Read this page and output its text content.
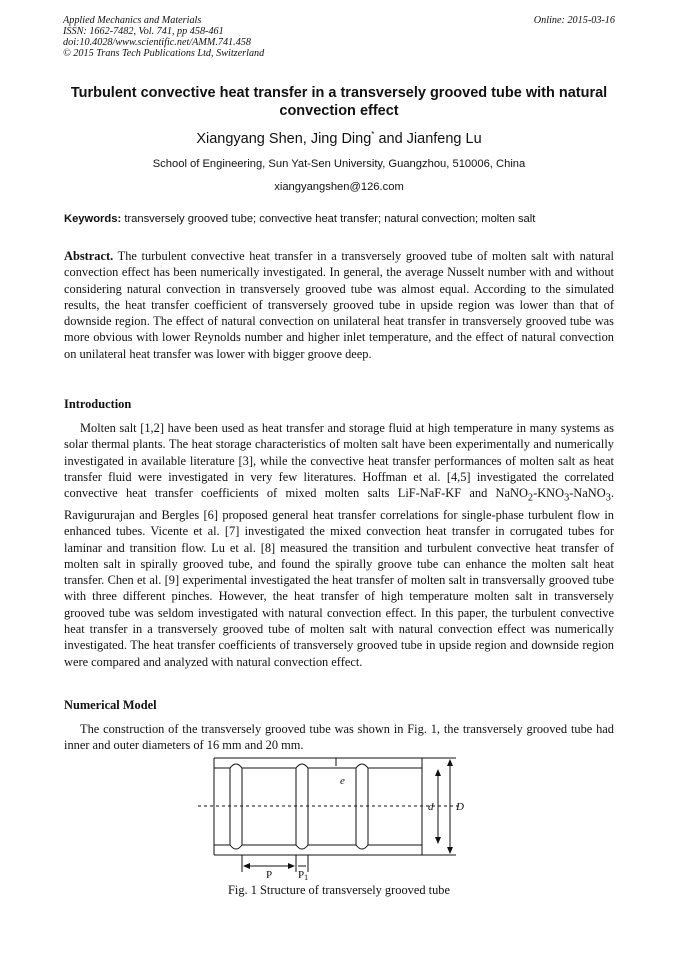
Applied Mechanics and Materials
ISSN: 1662-7482, Vol. 741, pp 458-461
doi:10.4028/www.scientific.net/AMM.741.458
© 2015 Trans Tech Publications Ltd, Switzerland
Online: 2015-03-16
Turbulent convective heat transfer in a transversely grooved tube with natural convection effect
Xiangyang Shen, Jing Ding* and Jianfeng Lu
School of Engineering, Sun Yat-Sen University, Guangzhou, 510006, China
xiangyangshen@126.com
Keywords: transversely grooved tube; convective heat transfer; natural convection; molten salt
Abstract. The turbulent convective heat transfer in a transversely grooved tube of molten salt with natural convection effect has been numerically investigated. In general, the average Nusselt number with and without considering natural convection in transversely grooved tube was almost equal. According to the simulated results, the heat transfer coefficient of transversely grooved tube in upside region was lower than that of downside region. The effect of natural convection on unilateral heat transfer in transversely grooved tube was more obvious with lower Reynolds number and higher inlet temperature, and the effect of natural convection on unilateral heat transfer was lower with bigger groove deep.
Introduction
Molten salt [1,2] have been used as heat transfer and storage fluid at high temperature in many systems as solar thermal plants. The heat storage characteristics of molten salt have been experimentally and numerically investigated in available literature [3], while the convective heat transfer performances of molten salt as heat transfer fluid were investigated in very few literatures. Hoffman et al. [4,5] investigated the correlated convective heat transfer coefficients of mixed molten salts LiF-NaF-KF and $NaNO_2-KNO_3-NaNO_3$. Ravigururajan and Bergles [6] proposed general heat transfer correlations for single-phase turbulent flow in enhanced tubes. Vicente et al. [7] investigated the mixed convection heat transfer in corrugated tubes for laminar and transition flow. Lu et al. [8] measured the transition and turbulent convective heat transfer of molten salt in spirally grooved tube, and found the spirally groove tube can enhance the molten salt heat transfer. Chen et al. [9] experimental investigated the heat transfer of molten salt in transversally grooved tube with three different pinches. However, the heat transfer of high temperature molten salt in transversely grooved tube was seldom investigated with natural convection effect. In this paper, the turbulent convective heat transfer in a transversely grooved tube of molten salt with natural convection effect was numerically investigated. The heat transfer coefficients of transversely grooved tube in upside region and downside region were compared and analyzed with natural convection effect.
Numerical Model
The construction of the transversely grooved tube was shown in Fig. 1, the transversely grooved tube had inner and outer diameters of 16 mm and 20 mm.
e
d D
P P1
Fig. 1 Structure of transversely grooved tube
